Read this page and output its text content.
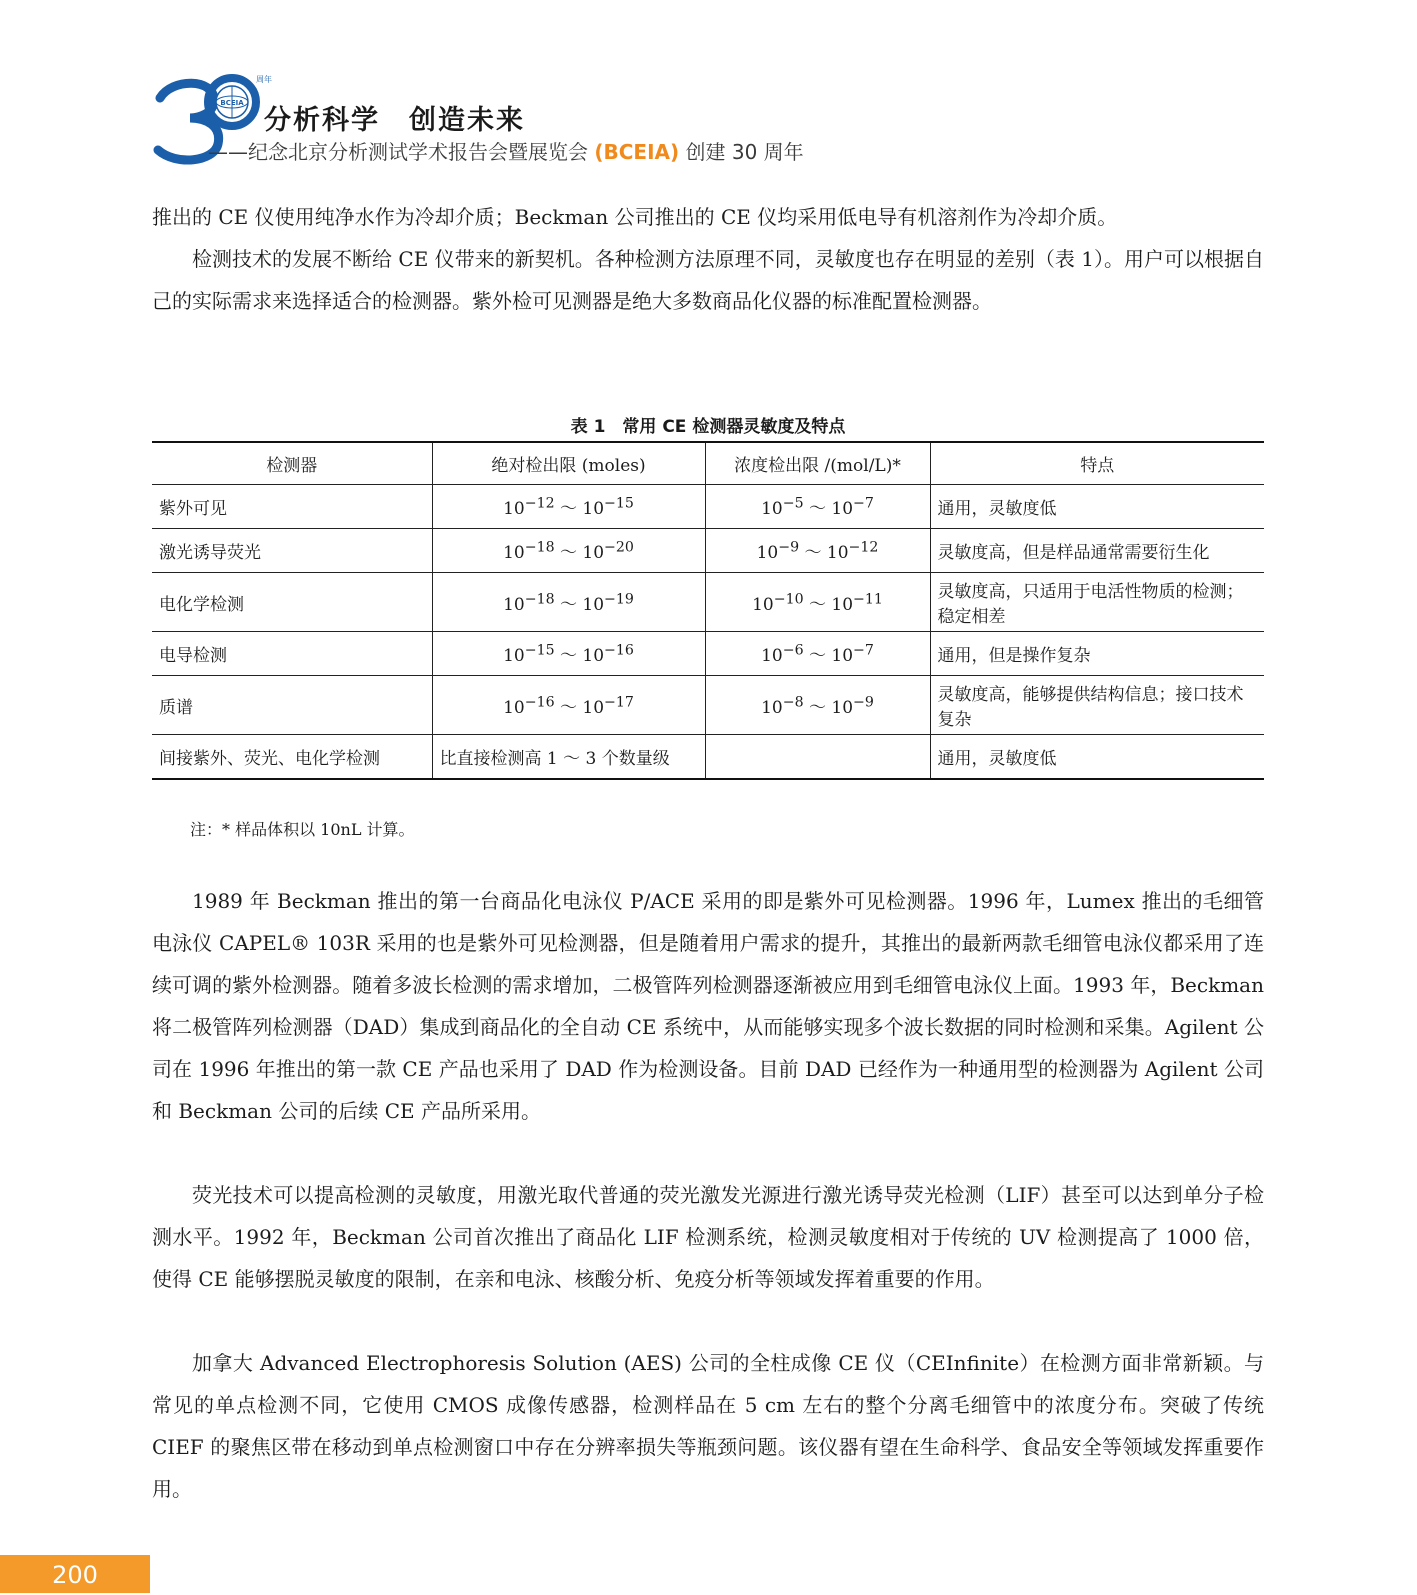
BCEIA
周年
分析科学　创造未来
——纪念北京分析测试学术报告会暨展览会 (BCEIA) 创建 30 周年

推出的 CE 仪使用纯净水作为冷却介质；Beckman 公司推出的 CE 仪均采用低电导有机溶剂作为冷却介质。

检测技术的发展不断给 CE 仪带来的新契机。各种检测方法原理不同，灵敏度也存在明显的差别（表 1）。用户可以根据自己的实际需求来选择适合的检测器。紫外检可见测器是绝大多数商品化仪器的标准配置检测器。

表 1　常用 CE 检测器灵敏度及特点
检测器	绝对检出限 (moles)	浓度检出限 /(mol/L)*	特点
紫外可见	$10^{-12}$ ～ $10^{-15}$	$10^{-5}$ ～ $10^{-7}$	通用，灵敏度低
激光诱导荧光	$10^{-18}$ ～ $10^{-20}$	$10^{-9}$ ～ $10^{-12}$	灵敏度高，但是样品通常需要衍生化
电化学检测	$10^{-18}$ ～ $10^{-19}$	$10^{-10}$ ～ $10^{-11}$	灵敏度高，只适用于电活性物质的检测；稳定相差
电导检测	$10^{-15}$ ～ $10^{-16}$	$10^{-6}$ ～ $10^{-7}$	通用，但是操作复杂
质谱	$10^{-16}$ ～ $10^{-17}$	$10^{-8}$ ～ $10^{-9}$	灵敏度高，能够提供结构信息；接口技术复杂
间接紫外、荧光、电化学检测	比直接检测高 1 ～ 3 个数量级		通用，灵敏度低
注：* 样品体积以 10nL 计算。

1989 年 Beckman 推出的第一台商品化电泳仪 P/ACE 采用的即是紫外可见检测器。1996 年，Lumex 推出的毛细管电泳仪 CAPEL® 103R 采用的也是紫外可见检测器，但是随着用户需求的提升，其推出的最新两款毛细管电泳仪都采用了连续可调的紫外检测器。随着多波长检测的需求增加，二极管阵列检测器逐渐被应用到毛细管电泳仪上面。1993 年，Beckman 将二极管阵列检测器（DAD）集成到商品化的全自动 CE 系统中，从而能够实现多个波长数据的同时检测和采集。Agilent 公司在 1996 年推出的第一款 CE 产品也采用了 DAD 作为检测设备。目前 DAD 已经作为一种通用型的检测器为 Agilent 公司和 Beckman 公司的后续 CE 产品所采用。

荧光技术可以提高检测的灵敏度，用激光取代普通的荧光激发光源进行激光诱导荧光检测（LIF）甚至可以达到单分子检测水平。1992 年，Beckman 公司首次推出了商品化 LIF 检测系统，检测灵敏度相对于传统的 UV 检测提高了 1000 倍，使得 CE 能够摆脱灵敏度的限制，在亲和电泳、核酸分析、免疫分析等领域发挥着重要的作用。

加拿大 Advanced Electrophoresis Solution (AES) 公司的全柱成像 CE 仪（CEInfinite）在检测方面非常新颖。与常见的单点检测不同，它使用 CMOS 成像传感器，检测样品在 5 cm 左右的整个分离毛细管中的浓度分布。突破了传统 CIEF 的聚焦区带在移动到单点检测窗口中存在分辨率损失等瓶颈问题。该仪器有望在生命科学、食品安全等领域发挥重要作用。

200
